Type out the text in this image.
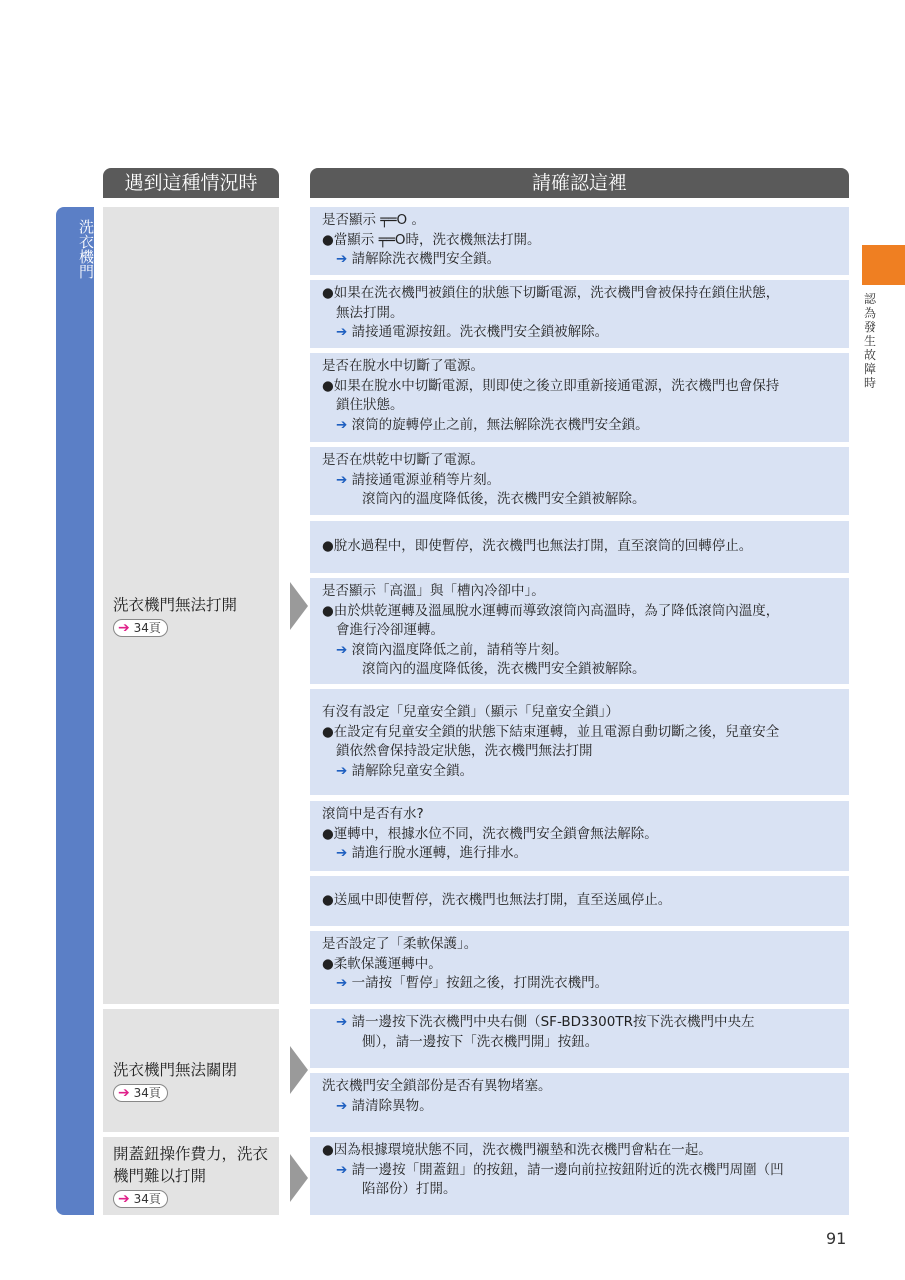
遇到這種情況時	請確認這裡
洗衣機門
洗衣機門無法打開
➔ 34頁
洗衣機門無法關閉
➔ 34頁
開蓋鈕操作費力，洗衣機門難以打開
➔ 34頁
是否顯示 ╤═O 。
●當顯示 ╤═O時，洗衣機無法打開。
➔ 請解除洗衣機門安全鎖。
●如果在洗衣機門被鎖住的狀態下切斷電源，洗衣機門會被保持在鎖住狀態，
無法打開。
➔ 請接通電源按鈕。洗衣機門安全鎖被解除。
是否在脫水中切斷了電源。
●如果在脫水中切斷電源，則即使之後立即重新接通電源，洗衣機門也會保持
鎖住狀態。
➔ 滾筒的旋轉停止之前，無法解除洗衣機門安全鎖。
是否在烘乾中切斷了電源。
➔ 請接通電源並稍等片刻。
滾筒內的溫度降低後，洗衣機門安全鎖被解除。
●脫水過程中，即使暫停，洗衣機門也無法打開，直至滾筒的回轉停止。
是否顯示「高溫」與「槽內冷卻中」。
●由於烘乾運轉及溫風脫水運轉而導致滾筒內高溫時，為了降低滾筒內溫度，
會進行冷卻運轉。
➔ 滾筒內溫度降低之前，請稍等片刻。
滾筒內的溫度降低後，洗衣機門安全鎖被解除。
有沒有設定「兒童安全鎖」（顯示「兒童安全鎖」）
●在設定有兒童安全鎖的狀態下結束運轉，並且電源自動切斷之後，兒童安全
鎖依然會保持設定狀態，洗衣機門無法打開
➔ 請解除兒童安全鎖。
滾筒中是否有水?
●運轉中，根據水位不同，洗衣機門安全鎖會無法解除。
➔ 請進行脫水運轉，進行排水。
●送風中即使暫停，洗衣機門也無法打開，直至送風停止。
是否設定了「柔軟保護」。
●柔軟保護運轉中。
➔ 一請按「暫停」按鈕之後，打開洗衣機門。
➔ 請一邊按下洗衣機門中央右側（SF-BD3300TR按下洗衣機門中央左
側），請一邊按下「洗衣機門開」按鈕。
洗衣機門安全鎖部份是否有異物堵塞。
➔ 請清除異物。
●因為根據環境狀態不同，洗衣機門襯墊和洗衣機門會粘在一起。
➔ 請一邊按「開蓋鈕」的按鈕，請一邊向前拉按鈕附近的洗衣機門周圍（凹
陷部份）打開。
認
為
發
生
故
障
時
91
